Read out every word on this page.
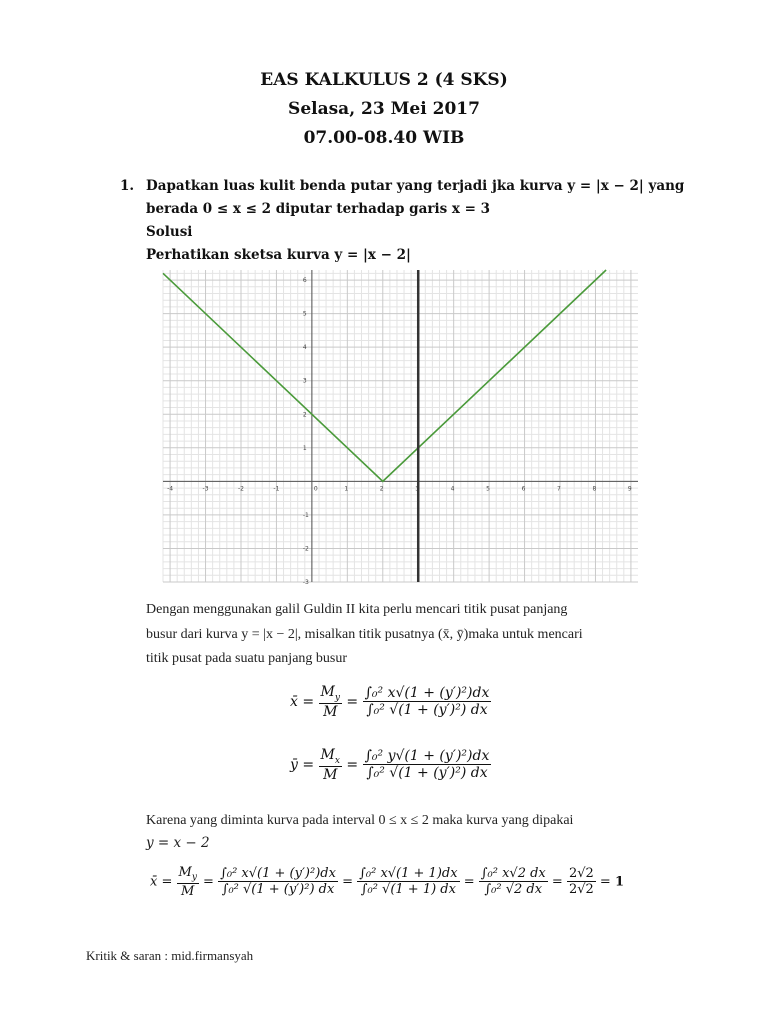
EAS KALKULUS 2 (4 SKS)
Selasa, 23 Mei 2017
07.00-08.40 WIB
1. Dapatkan luas kulit benda putar yang terjadi jka kurva y = |x − 2| yang
berada 0 ≤ x ≤ 2 diputar terhadap garis x = 3
Solusi
Perhatikan sketsa kurva y = |x − 2|
-4	-3	-2	-1	0	1	2	3	4	5	6	7	8	9
-3
-2
-1
1
2
3
4
5
6
Dengan menggunakan galil Guldin II kita perlu mencari titik pusat panjang
busur dari kurva y = |x − 2|, misalkan titik pusatnya (x̄, ȳ)maka untuk mencari
titik pusat pada suatu panjang busur
x̄ = $\frac{M_y}{M} = \frac{\text{∫₀² x√(1 + (y′)²)dx}}{\text{∫₀² √(1 + (y′)²) dx}}$
ȳ = $\frac{M_x}{M} = \frac{\text{∫₀² y√(1 + (y′)²)dx}}{\text{∫₀² √(1 + (y′)²) dx}}$
Karena yang diminta kurva pada interval 0 ≤ x ≤ 2 maka kurva yang dipakai
y = x − 2
x̄ = $\frac{M_y}{M} = \frac{\text{∫₀² x√(1 + (y′)²)dx}}{\text{∫₀² √(1 + (y′)²) dx}} = \frac{\text{∫₀² x√(1 + 1)dx}}{\text{∫₀² √(1 + 1) dx}} = \frac{\text{∫₀² x√2 dx}}{\text{∫₀² √2 dx}} = \frac{2√2}{2√2} = 1$
Kritik & saran : mid.firmansyah
